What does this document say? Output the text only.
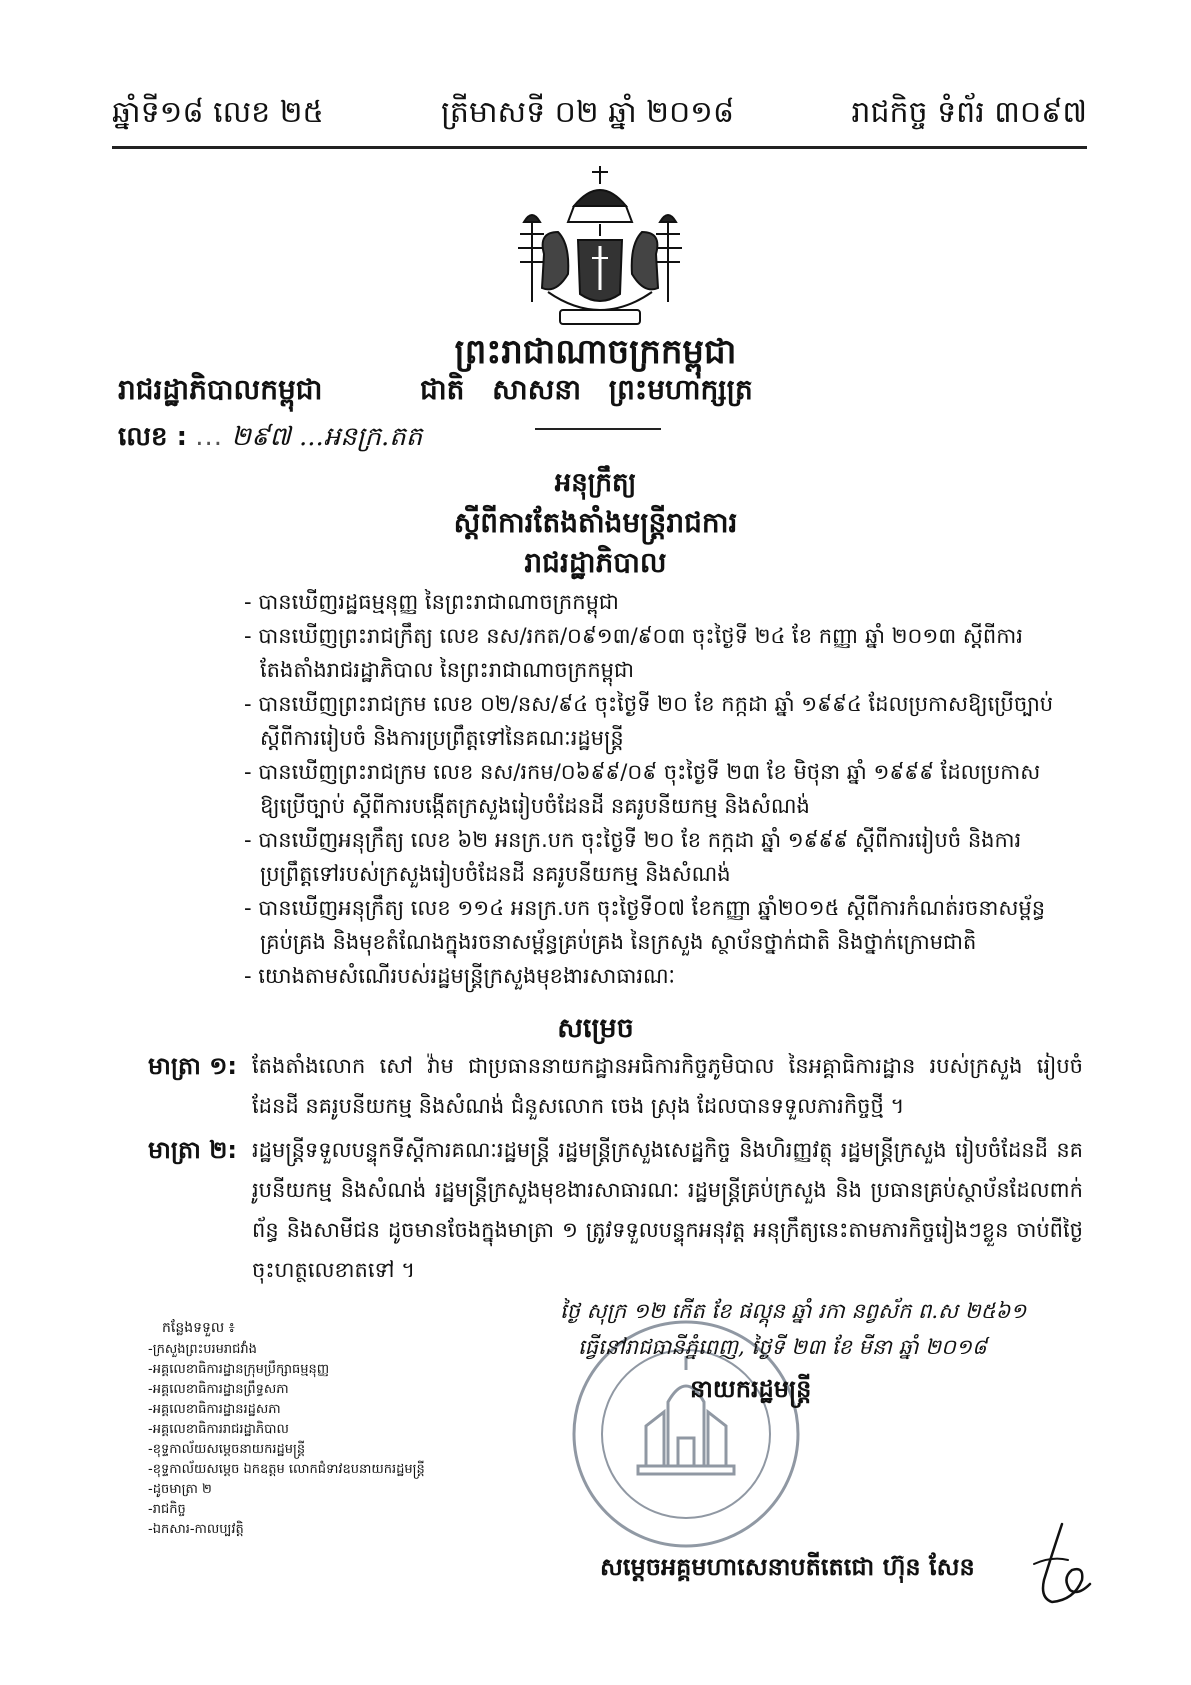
ឆ្នាំទី១៨ លេខ ២៥	ត្រីមាសទី ០២ ឆ្នាំ ២០១៨	រាជកិច្ច ទំព័រ ៣០៩៧
ព្រះរាជាណាចក្រកម្ពុជា
រាជរដ្ឋាភិបាលកម្ពុជា	ជាតិ សាសនា ព្រះមហាក្សត្រ
លេខ : ... ២៩៧ ...អនក្រ.តត
អនុក្រឹត្យ
ស្តីពីការតែងតាំងមន្ត្រីរាជការ
រាជរដ្ឋាភិបាល
- បានឃើញរដ្ឋធម្មនុញ្ញ នៃព្រះរាជាណាចក្រកម្ពុជា
- បានឃើញព្រះរាជក្រឹត្យ លេខ នស/រកត/០៩១៣/៩០៣ ចុះថ្ងៃទី ២៤ ខែ កញ្ញា ឆ្នាំ ២០១៣ ស្តីពីការ តែងតាំងរាជរដ្ឋាភិបាល នៃព្រះរាជាណាចក្រកម្ពុជា
- បានឃើញព្រះរាជក្រម លេខ ០២/នស/៩៤ ចុះថ្ងៃទី ២០ ខែ កក្កដា ឆ្នាំ ១៩៩៤ ដែលប្រកាសឱ្យប្រើច្បាប់ ស្តីពីការរៀបចំ និងការប្រព្រឹត្តទៅនៃគណៈរដ្ឋមន្ត្រី
- បានឃើញព្រះរាជក្រម លេខ នស/រកម/០៦៩៩/០៩ ចុះថ្ងៃទី ២៣ ខែ មិថុនា ឆ្នាំ ១៩៩៩ ដែលប្រកាស ឱ្យប្រើច្បាប់ ស្តីពីការបង្កើតក្រសួងរៀបចំដែនដី នគរូបនីយកម្ម និងសំណង់
- បានឃើញអនុក្រឹត្យ លេខ ៦២ អនក្រ.បក ចុះថ្ងៃទី ២០ ខែ កក្កដា ឆ្នាំ ១៩៩៩ ស្តីពីការរៀបចំ និងការ ប្រព្រឹត្តទៅរបស់ក្រសួងរៀបចំដែនដី នគរូបនីយកម្ម និងសំណង់
- បានឃើញអនុក្រឹត្យ លេខ ១១៤ អនក្រ.បក ចុះថ្ងៃទី០៧ ខែកញ្ញា ឆ្នាំ២០១៥ ស្តីពីការកំណត់រចនាសម្ព័ន្ធ គ្រប់គ្រង និងមុខតំណែងក្នុងរចនាសម្ព័ន្ធគ្រប់គ្រង នៃក្រសួង ស្ថាប័នថ្នាក់ជាតិ និងថ្នាក់ក្រោមជាតិ
- យោងតាមសំណើរបស់រដ្ឋមន្ត្រីក្រសួងមុខងារសាធារណៈ
សម្រេច
មាត្រា ១: តែងតាំងលោក សៅ វ៉ាម ជាប្រធាននាយកដ្ឋានអធិការកិច្ចភូមិបាល នៃអគ្គាធិការដ្ឋាន របស់ក្រសួង រៀបចំដែនដី នគរូបនីយកម្ម និងសំណង់ ជំនួសលោក ចេង ស្រុង ដែលបានទទួលភារកិច្ចថ្មី ។
មាត្រា ២: រដ្ឋមន្ត្រីទទួលបន្ទុកទីស្តីការគណៈរដ្ឋមន្ត្រី រដ្ឋមន្ត្រីក្រសួងសេដ្ឋកិច្ច និងហិរញ្ញវត្ថុ រដ្ឋមន្ត្រីក្រសួង រៀបចំដែនដី នគរូបនីយកម្ម និងសំណង់ រដ្ឋមន្ត្រីក្រសួងមុខងារសាធារណៈ រដ្ឋមន្ត្រីគ្រប់ក្រសួង និង ប្រធានគ្រប់ស្ថាប័នដែលពាក់ព័ន្ធ និងសាមីជន ដូចមានចែងក្នុងមាត្រា ១ ត្រូវទទួលបន្ទុកអនុវត្ត អនុក្រឹត្យនេះតាមភារកិច្ចរៀងៗខ្លួន ចាប់ពីថ្ងៃចុះហត្ថលេខាតទៅ ។
ថ្ងៃ សុក្រ ១២ កើត ខែ ផល្គុន ឆ្នាំ រកា នព្វស័ក ព.ស ២៥៦១
ធ្វើនៅរាជធានីភ្នំពេញ, ថ្ងៃទី ២៣ ខែ មីនា ឆ្នាំ ២០១៨
នាយករដ្ឋមន្ត្រី
សម្តេចអគ្គមហាសេនាបតីតេជោ ហ៊ុន សែន
កន្លែងទទួល ៖
- ក្រសួងព្រះបរមរាជវាំង
- អគ្គលេខាធិការដ្ឋានក្រុមប្រឹក្សាធម្មនុញ្ញ
- អគ្គលេខាធិការដ្ឋានព្រឹទ្ធសភា
- អគ្គលេខាធិការដ្ឋានរដ្ឋសភា
- អគ្គលេខាធិការរាជរដ្ឋាភិបាល
- ខុទ្ទកាល័យសម្តេចនាយករដ្ឋមន្ត្រី
- ខុទ្ទកាល័យសម្តេច ឯកឧត្តម លោកជំទាវឧបនាយករដ្ឋមន្ត្រី
- ដូចមាត្រា ២
- រាជកិច្ច
- ឯកសារ-កាលប្បវត្តិ
